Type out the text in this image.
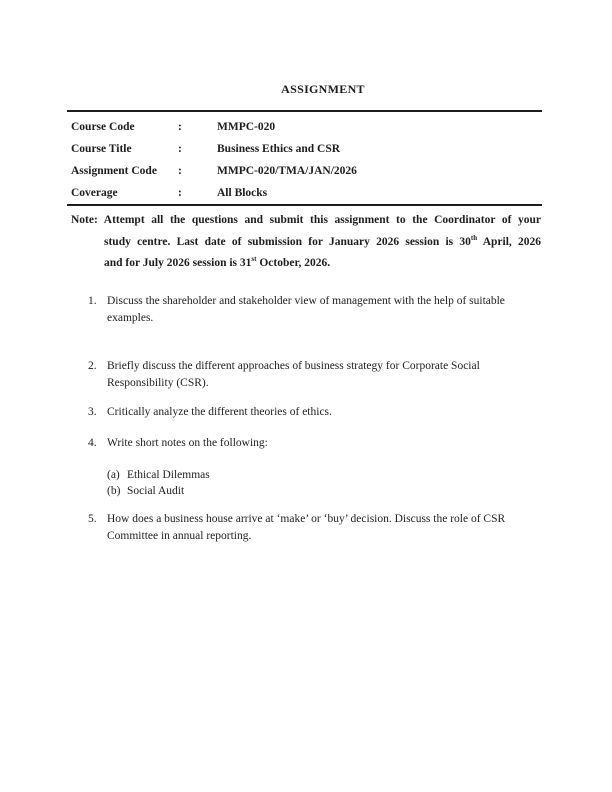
ASSIGNMENT
Course Code	:	MMPC-020
Course Title	:	Business Ethics and CSR
Assignment Code	:	MMPC-020/TMA/JAN/2026
Coverage	:	All Blocks
Note: Attempt all the questions and submit this assignment to the Coordinator of your
study centre. Last date of submission for January 2026 session is 30th April, 2026
and for July 2026 session is 31st October, 2026.
1. Discuss the shareholder and stakeholder view of management with the help of suitable examples.
2. Briefly discuss the different approaches of business strategy for Corporate Social Responsibility (CSR).
3. Critically analyze the different theories of ethics.
4. Write short notes on the following:
(a) Ethical Dilemmas
(b) Social Audit
5. How does a business house arrive at ‘make’ or ‘buy’ decision. Discuss the role of CSR Committee in annual reporting.
